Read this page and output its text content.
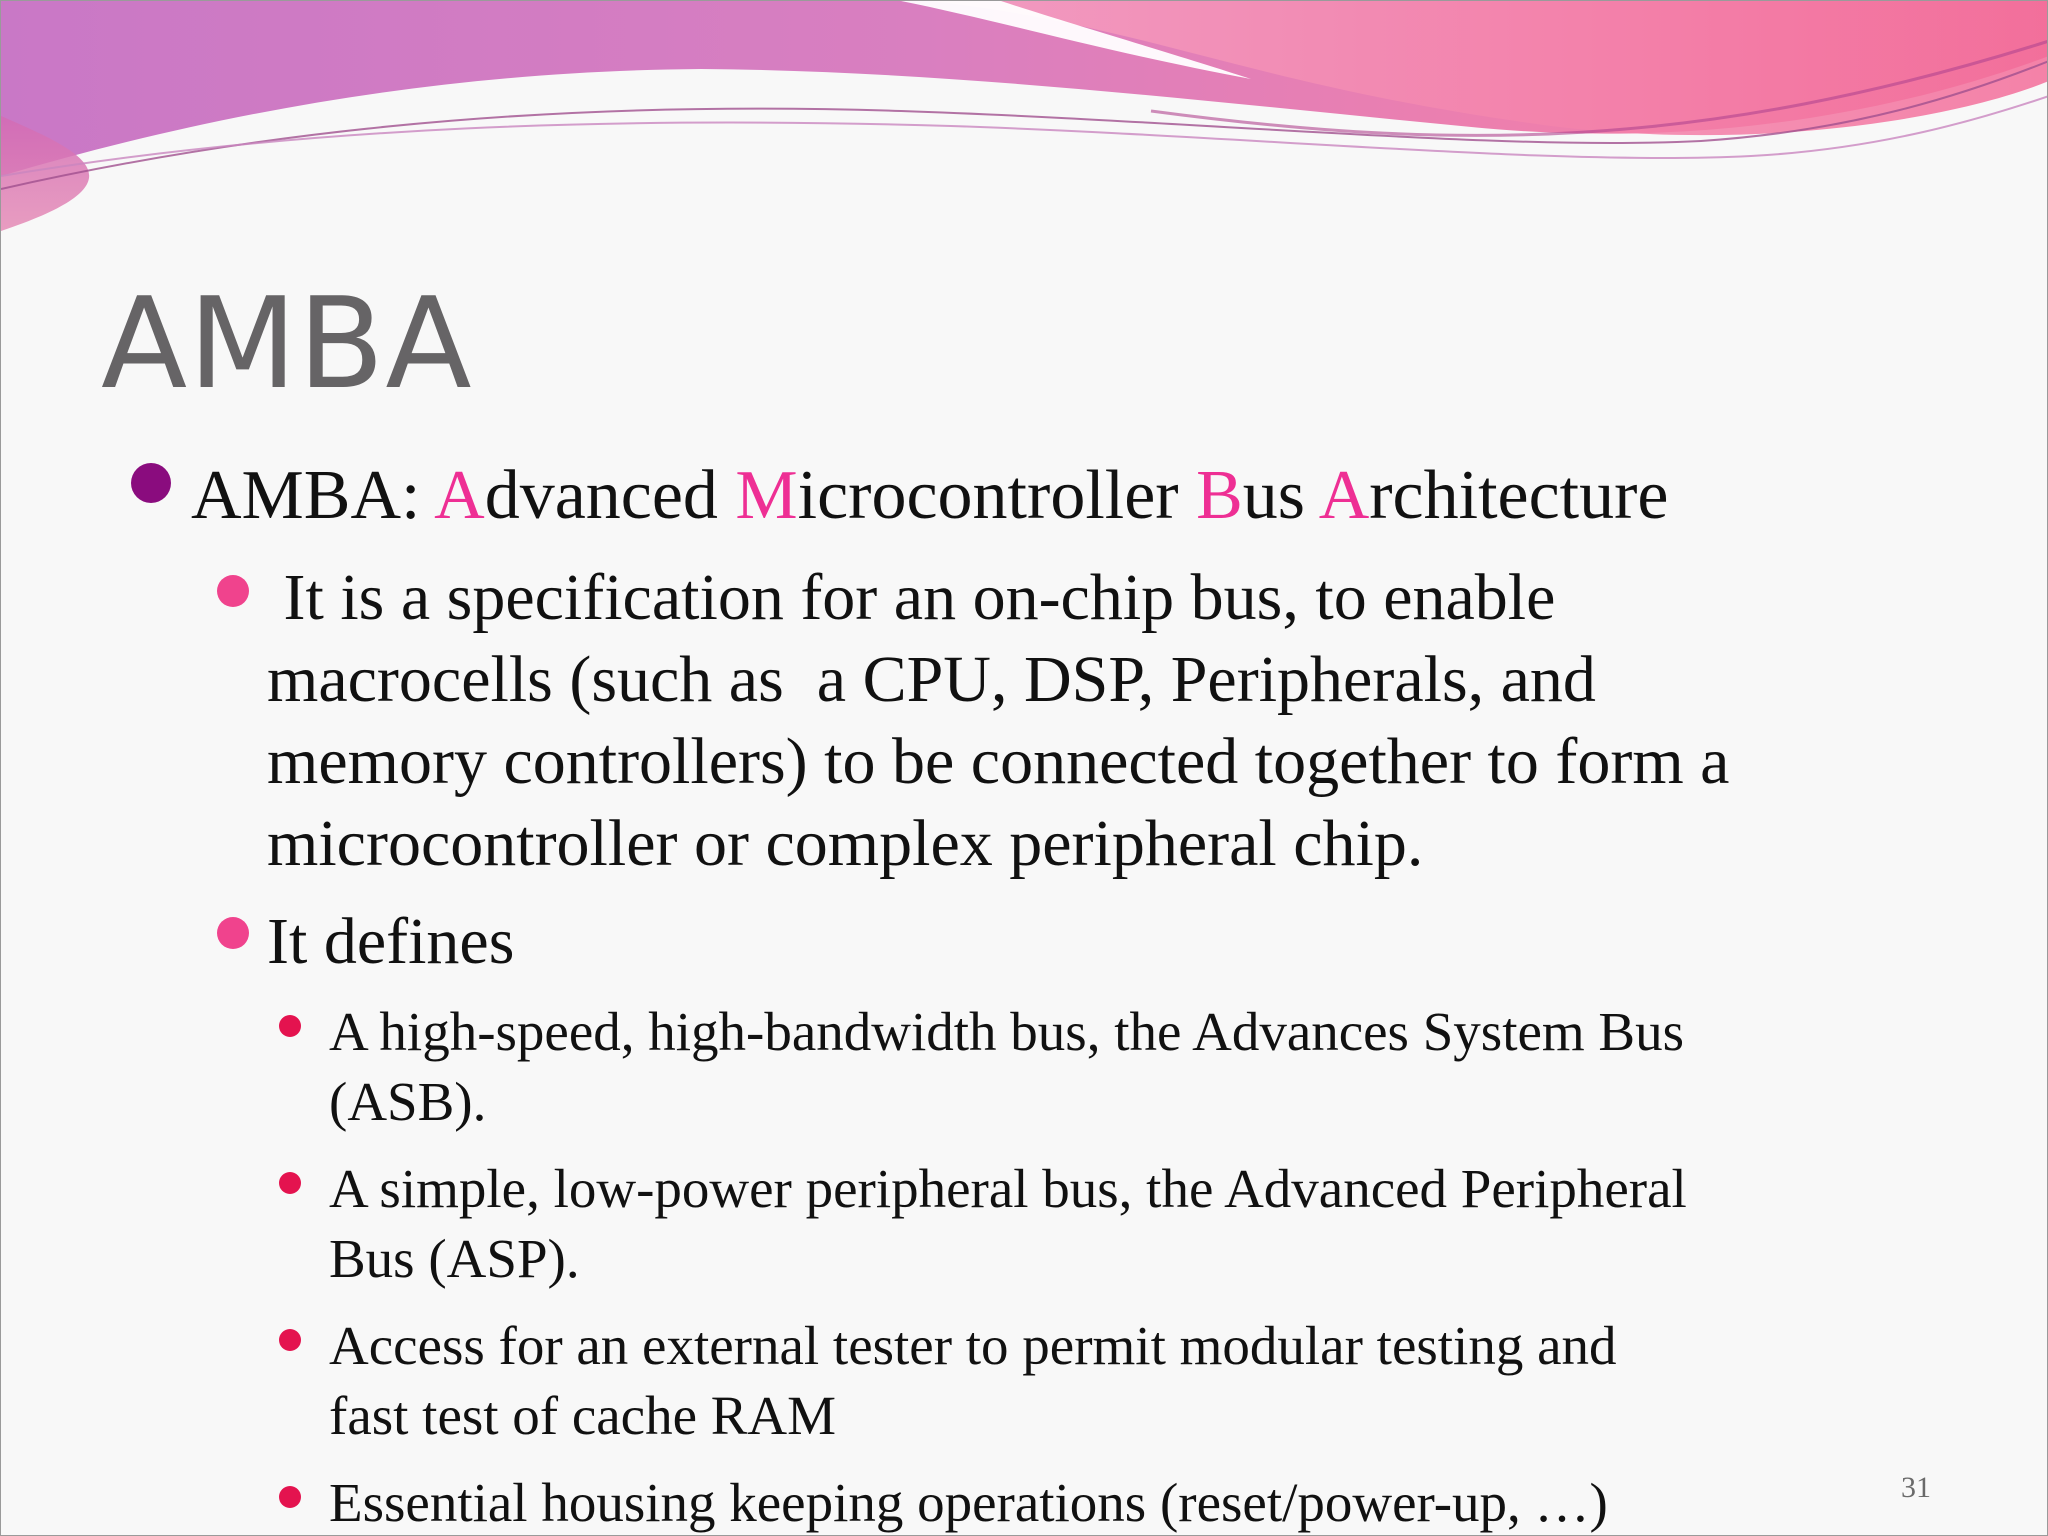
AMBA
AMBA: Advanced Microcontroller Bus Architecture
It is a specification for an on-chip bus, to enable
macrocells (such as  a CPU, DSP, Peripherals, and
memory controllers) to be connected together to form a
microcontroller or complex peripheral chip.
It defines
A high-speed, high-bandwidth bus, the Advances System Bus
(ASB).
A simple, low-power peripheral bus, the Advanced Peripheral
Bus (ASP).
Access for an external tester to permit modular testing and
fast test of cache RAM
Essential housing keeping operations (reset/power-up, …)	31
